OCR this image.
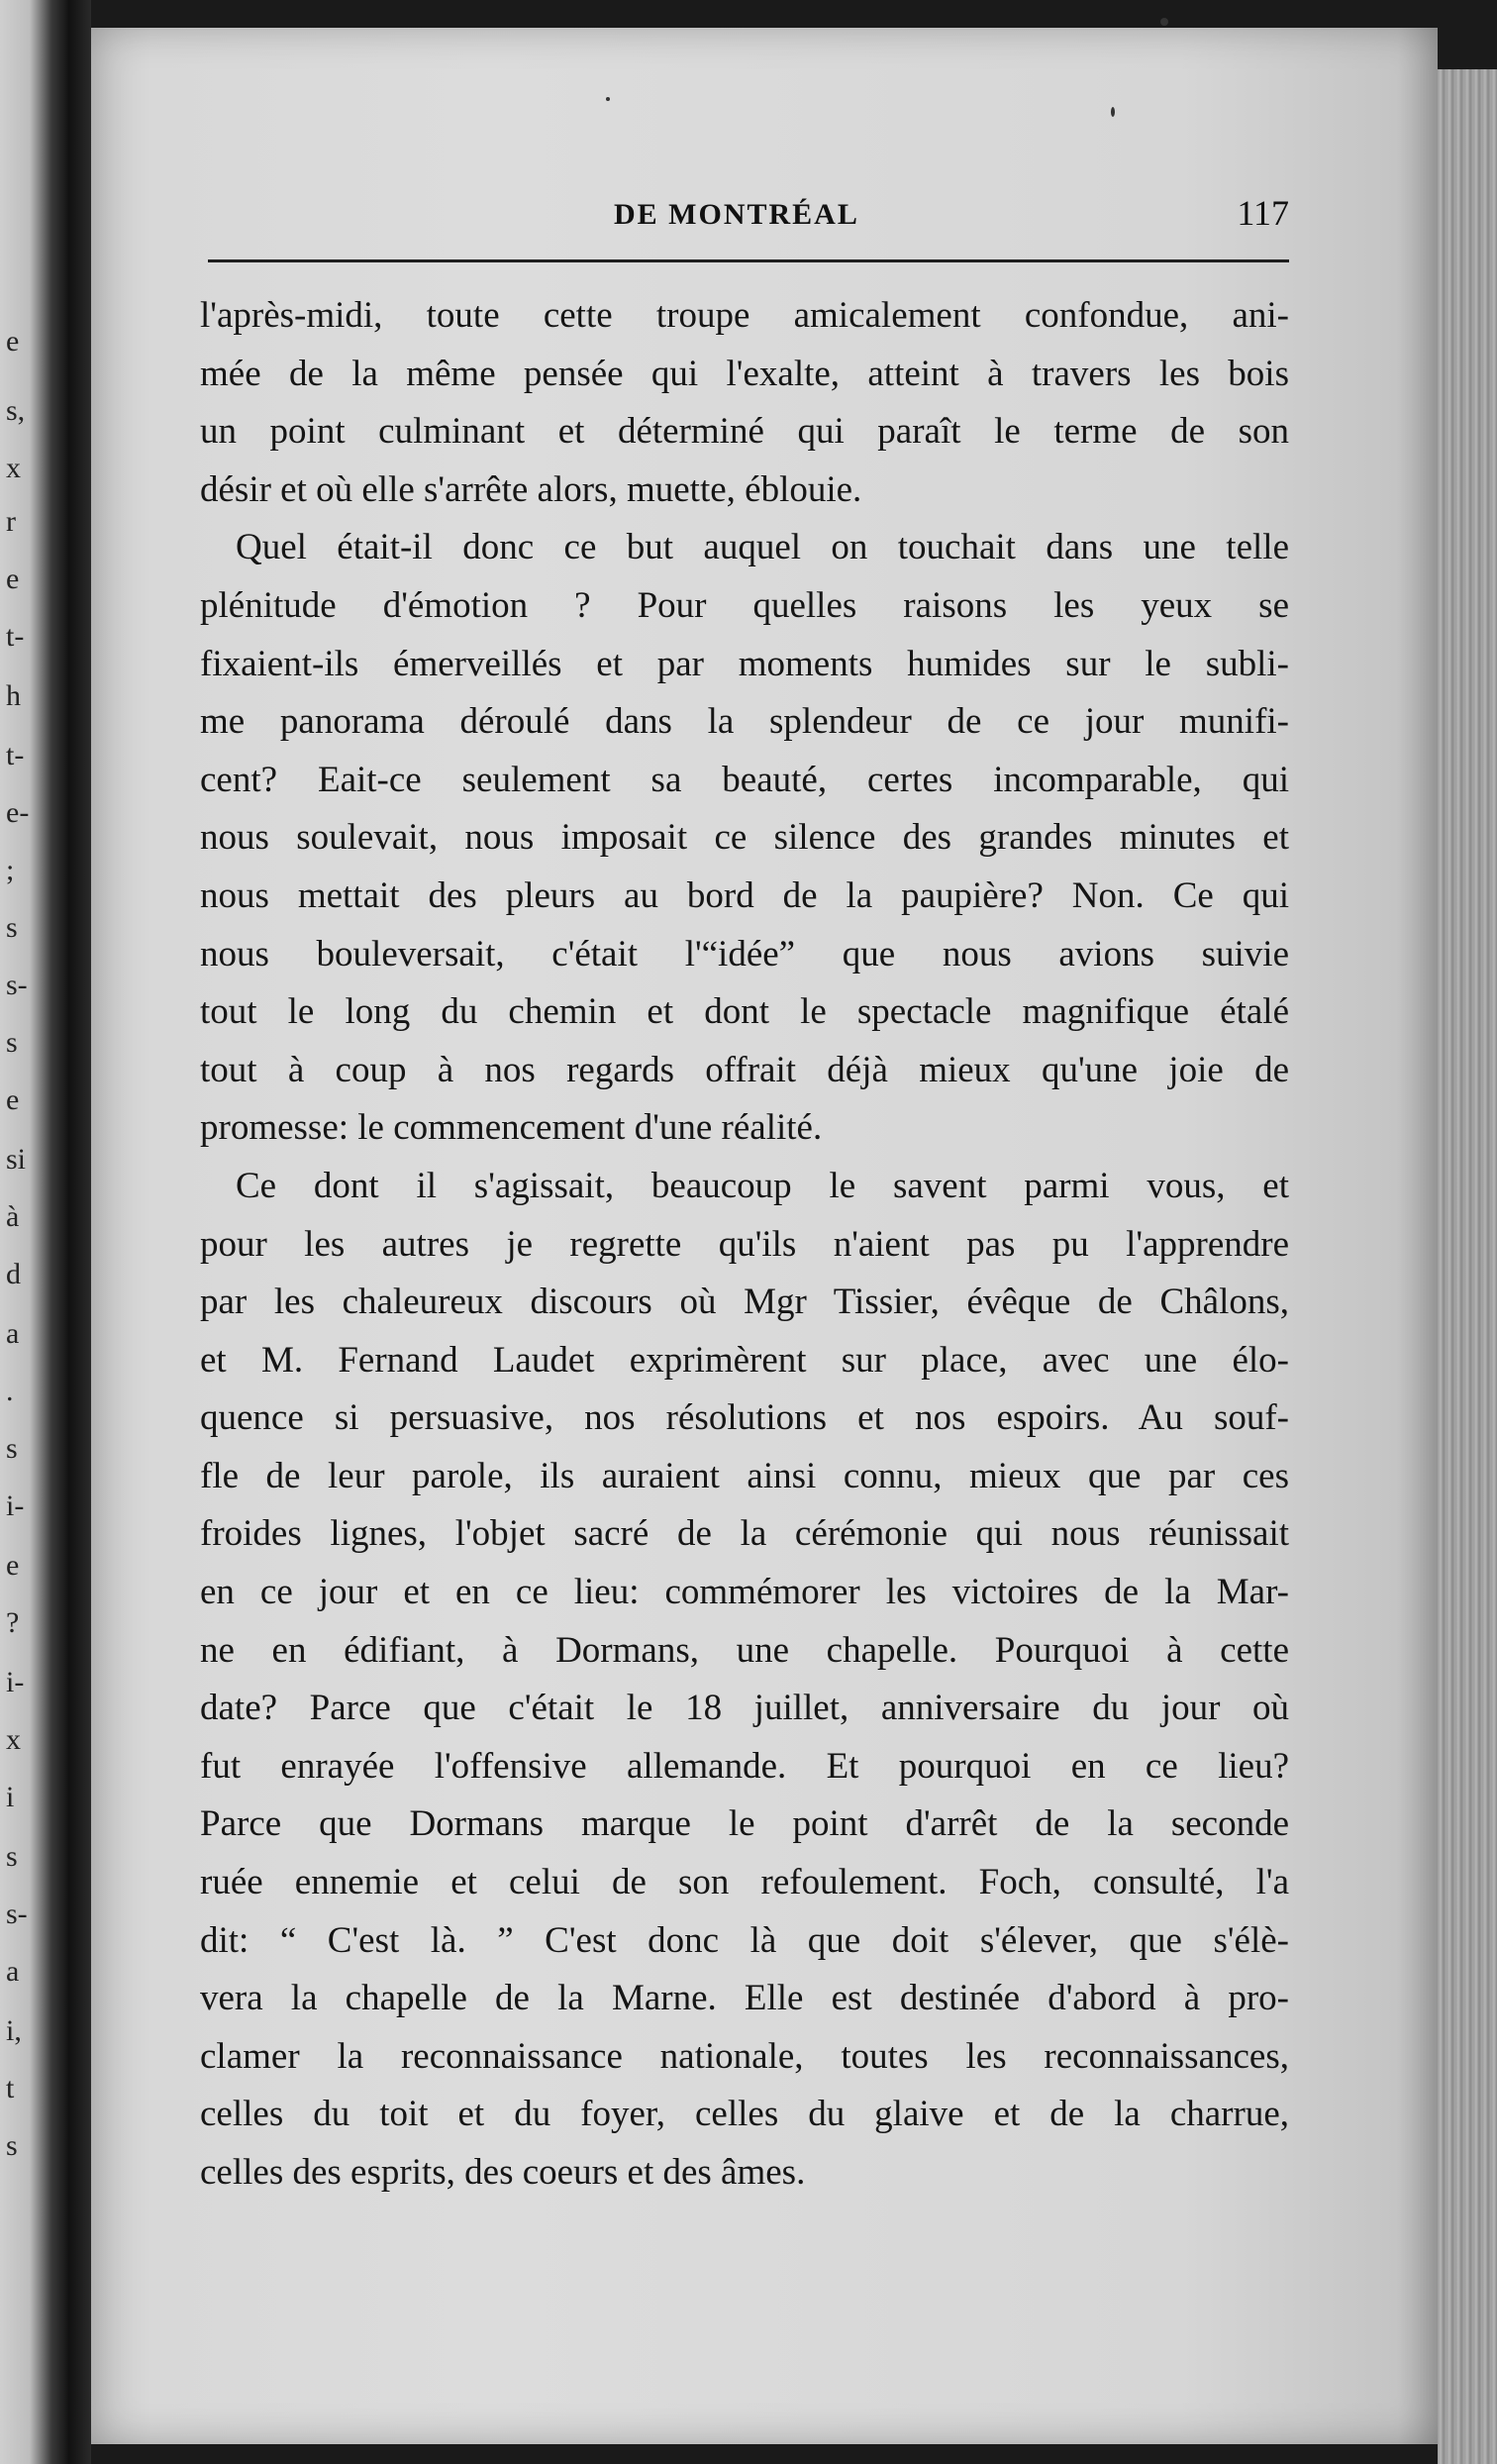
e
s,
x
r
e
t-
h
t-
e-
;
s
s-
s
e
si
à
d
a
.
s
i-
e
?
i-
x
i
s
s-
a
i,
t
s
DE MONTRÉAL	117
l'après-midi, toute cette troupe amicalement confondue, ani-
mée de la même pensée qui l'exalte, atteint à travers les bois
un point culminant et déterminé qui paraît le terme de son
désir et où elle s'arrête alors, muette, éblouie.
Quel était-il donc ce but auquel on touchait dans une telle
plénitude d'émotion ? Pour quelles raisons les yeux se
fixaient-ils émerveillés et par moments humides sur le subli-
me panorama déroulé dans la splendeur de ce jour munifi-
cent? Eait-ce seulement sa beauté, certes incomparable, qui
nous soulevait, nous imposait ce silence des grandes minutes et
nous mettait des pleurs au bord de la paupière? Non. Ce qui
nous bouleversait, c'était l'“idée” que nous avions suivie
tout le long du chemin et dont le spectacle magnifique étalé
tout à coup à nos regards offrait déjà mieux qu'une joie de
promesse: le commencement d'une réalité.
Ce dont il s'agissait, beaucoup le savent parmi vous, et
pour les autres je regrette qu'ils n'aient pas pu l'apprendre
par les chaleureux discours où Mgr Tissier, évêque de Châlons,
et M. Fernand Laudet exprimèrent sur place, avec une élo-
quence si persuasive, nos résolutions et nos espoirs. Au souf-
fle de leur parole, ils auraient ainsi connu, mieux que par ces
froides lignes, l'objet sacré de la cérémonie qui nous réunissait
en ce jour et en ce lieu: commémorer les victoires de la Mar-
ne en édifiant, à Dormans, une chapelle. Pourquoi à cette
date? Parce que c'était le 18 juillet, anniversaire du jour où
fut enrayée l'offensive allemande. Et pourquoi en ce lieu?
Parce que Dormans marque le point d'arrêt de la seconde
ruée ennemie et celui de son refoulement. Foch, consulté, l'a
dit: “ C'est là. ” C'est donc là que doit s'élever, que s'élè-
vera la chapelle de la Marne. Elle est destinée d'abord à pro-
clamer la reconnaissance nationale, toutes les reconnaissances,
celles du toit et du foyer, celles du glaive et de la charrue,
celles des esprits, des coeurs et des âmes.
